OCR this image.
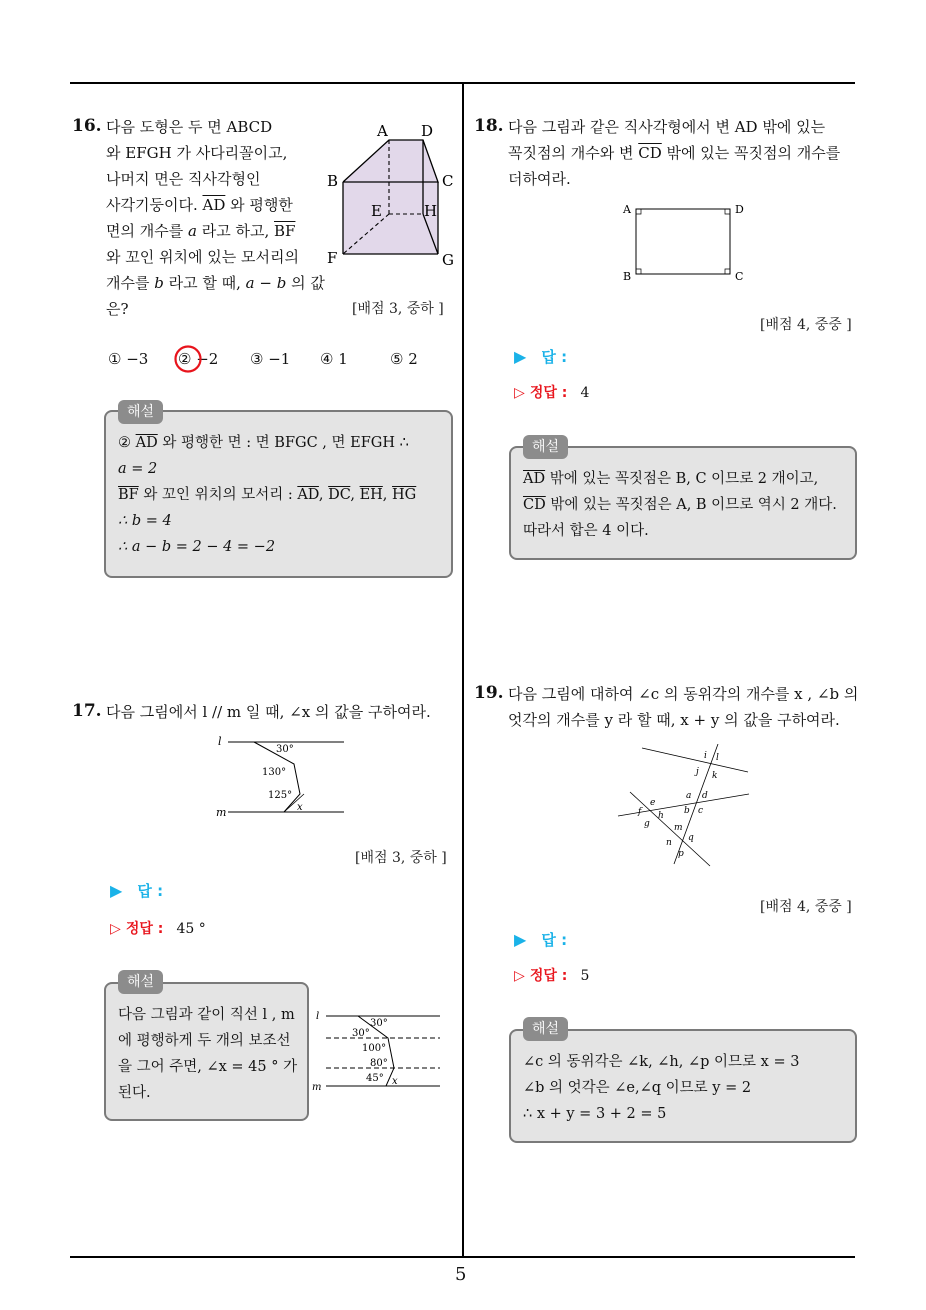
5
16. 다음 도형은 두 면 ABCD
와 EFGH 가 사다리꼴이고,
나머지 면은 직사각형인
사각기둥이다. $\overline{AD}$ 와 평행한
면의 개수를 a 라고 하고, $\overline{BF}$
와 꼬인 위치에 있는 모서리의
개수를 b 라고 할 때, a − b 의 값은?
A D
B	C
E	H
F	G
[배점 3, 중하 ]
① −3 ② −2 ③ −1 ④ 1	⑤ 2
② $\overline{AD}$ 와 평행한 면 : 면 BFGC , 면 EFGH ∴
a = 2
$\overline{BF}$ 와 꼬인 위치의 모서리 : $\overline{AD}$, $\overline{DC}$, $\overline{EH}$, $\overline{HG}$
∴ b = 4
∴ a − b = 2 − 4 = −2
해설
17. 다음 그림에서 l // m 일 때, ∠x 의 값을 구하여라.
l
m
30°
130°
125°
x
[배점 3, 중하 ]
▶ 답 :
▷ 정답 : 45 °
다음 그림과 같이 직선 l , m
에 평행하게 두 개의 보조선
을 그어 주면, ∠x = 45 ° 가
된다.
해설
l
30°
30°
100°
80°
45° x
m
18. 다음 그림과 같은 직사각형에서 변 AD 밖에 있는
꼭짓점의 개수와 변 $\overline{CD}$ 밖에 있는 꼭짓점의 개수를
더하여라.
A	D
B	C
[배점 4, 중중 ]
▶ 답 :
▷ 정답 : 4
$\overline{AD}$ 밖에 있는 꼭짓점은 B, C 이므로 2 개이고,
$\overline{CD}$ 밖에 있는 꼭짓점은 A, B 이므로 역시 2 개다.
따라서 합은 4 이다.
해설
19. 다음 그림에 대하여 ∠c 의 동위각의 개수를 x , ∠b 의
엇각의 개수를 y 라 할 때, x + y 의 값을 구하여라.
i l
j k
a d
b c
e
f h
g	m
q
n
p
[배점 4, 중중 ]
▶ 답 :
▷ 정답 : 5
∠c 의 동위각은 ∠k, ∠h, ∠p 이므로 x = 3
∠b 의 엇각은 ∠e,∠q 이므로 y = 2
∴ x + y = 3 + 2 = 5
해설
